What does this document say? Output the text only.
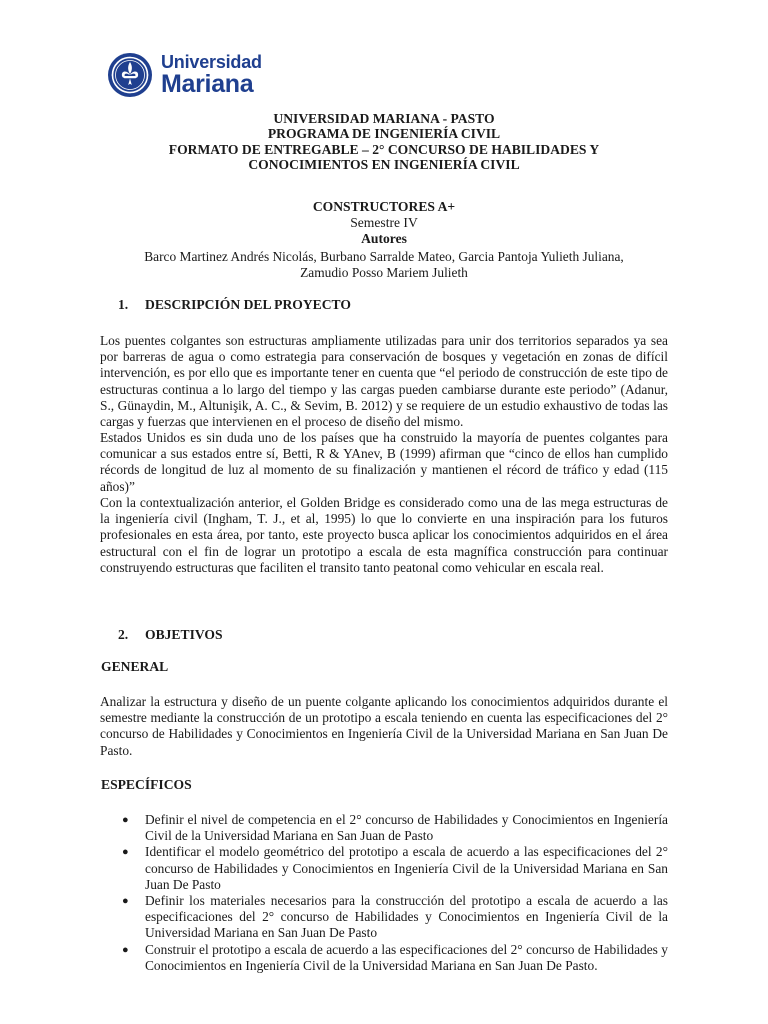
Universidad
Mariana
UNIVERSIDAD MARIANA - PASTO
PROGRAMA DE INGENIERÍA CIVIL
FORMATO DE ENTREGABLE – 2° CONCURSO DE HABILIDADES Y
CONOCIMIENTOS EN INGENIERÍA CIVIL
CONSTRUCTORES A+
Semestre IV
Autores
Barco Martinez Andrés Nicolás, Burbano Sarralde Mateo, Garcia Pantoja Yulieth Juliana,
Zamudio Posso Mariem Julieth
1. DESCRIPCIÓN DEL PROYECTO
Los puentes colgantes son estructuras ampliamente utilizadas para unir dos territorios separados ya sea por barreras de agua o como estrategia para conservación de bosques y vegetación en zonas de difícil intervención, es por ello que es importante tener en cuenta que “el periodo de construcción de este tipo de estructuras continua a lo largo del tiempo y las cargas pueden cambiarse durante este periodo” (Adanur, S., Günaydin, M., Altunişik, A. C., & Sevim, B. 2012) y se requiere de un estudio exhaustivo de todas las cargas y fuerzas que intervienen en el proceso de diseño del mismo.
Estados Unidos es sin duda uno de los países que ha construido la mayoría de puentes colgantes para comunicar a sus estados entre sí, Betti, R & YAnev, B (1999) afirman que “cinco de ellos han cumplido récords de longitud de luz al momento de su finalización y mantienen el récord de tráfico y edad (115 años)”
Con la contextualización anterior, el Golden Bridge es considerado como una de las mega estructuras de la ingeniería civil (Ingham, T. J., et al, 1995) lo que lo convierte en una inspiración para los futuros profesionales en esta área, por tanto, este proyecto busca aplicar los conocimientos adquiridos en el área estructural con el fin de lograr un prototipo a escala de esta magnífica construcción para continuar construyendo estructuras que faciliten el transito tanto peatonal como vehicular en escala real.
2. OBJETIVOS
GENERAL
Analizar la estructura y diseño de un puente colgante aplicando los conocimientos adquiridos durante el semestre mediante la construcción de un prototipo a escala teniendo en cuenta las especificaciones del 2° concurso de Habilidades y Conocimientos en Ingeniería Civil de la Universidad Mariana en San Juan De Pasto.
ESPECÍFICOS
● Definir el nivel de competencia en el 2° concurso de Habilidades y Conocimientos en Ingeniería Civil de la Universidad Mariana en San Juan de Pasto
● Identificar el modelo geométrico del prototipo a escala de acuerdo a las especificaciones del 2° concurso de Habilidades y Conocimientos en Ingeniería Civil de la Universidad Mariana en San Juan De Pasto
● Definir los materiales necesarios para la construcción del prototipo a escala de acuerdo a las especificaciones del 2° concurso de Habilidades y Conocimientos en Ingeniería Civil de la Universidad Mariana en San Juan De Pasto
● Construir el prototipo a escala de acuerdo a las especificaciones del 2° concurso de Habilidades y Conocimientos en Ingeniería Civil de la Universidad Mariana en San Juan De Pasto.
